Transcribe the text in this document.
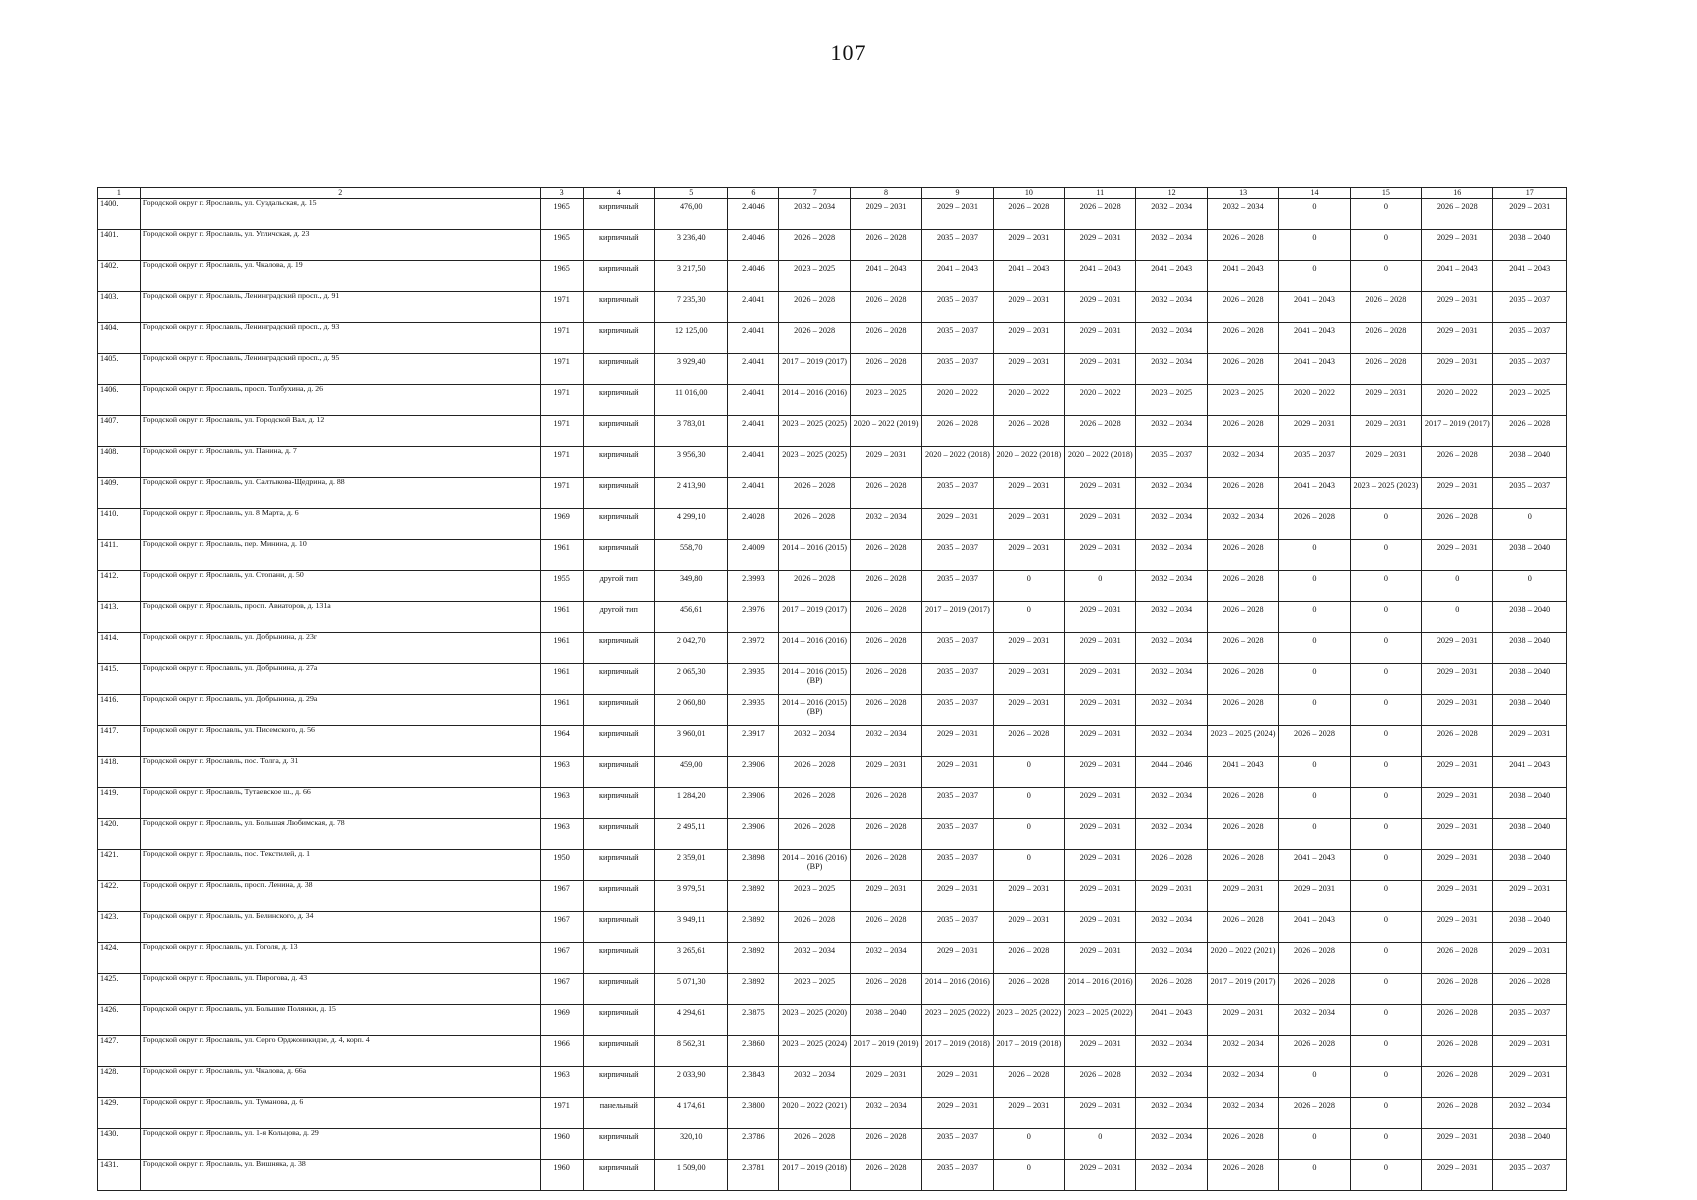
107
1	2	3	4	5	6	7	8	9	10	11	12	13	14	15	16	17
1400.	Городской округ г. Ярославль, ул. Суздальская, д. 15	1965	кирпичный	476,00	2.4046	2032 – 2034	2029 – 2031	2029 – 2031	2026 – 2028	2026 – 2028	2032 – 2034	2032 – 2034	0	0	2026 – 2028	2029 – 2031
1401.	Городской округ г. Ярославль, ул. Угличская, д. 23	1965	кирпичный	3 236,40	2.4046	2026 – 2028	2026 – 2028	2035 – 2037	2029 – 2031	2029 – 2031	2032 – 2034	2026 – 2028	0	0	2029 – 2031	2038 – 2040
1402.	Городской округ г. Ярославль, ул. Чкалова, д. 19	1965	кирпичный	3 217,50	2.4046	2023 – 2025	2041 – 2043	2041 – 2043	2041 – 2043	2041 – 2043	2041 – 2043	2041 – 2043	0	0	2041 – 2043	2041 – 2043
1403.	Городской округ г. Ярославль, Ленинградский просп., д. 91	1971	кирпичный	7 235,30	2.4041	2026 – 2028	2026 – 2028	2035 – 2037	2029 – 2031	2029 – 2031	2032 – 2034	2026 – 2028	2041 – 2043	2026 – 2028	2029 – 2031	2035 – 2037
1404.	Городской округ г. Ярославль, Ленинградский просп., д. 93	1971	кирпичный	12 125,00	2.4041	2026 – 2028	2026 – 2028	2035 – 2037	2029 – 2031	2029 – 2031	2032 – 2034	2026 – 2028	2041 – 2043	2026 – 2028	2029 – 2031	2035 – 2037
1405.	Городской округ г. Ярославль, Ленинградский просп., д. 95	1971	кирпичный	3 929,40	2.4041	2017 – 2019 (2017)	2026 – 2028	2035 – 2037	2029 – 2031	2029 – 2031	2032 – 2034	2026 – 2028	2041 – 2043	2026 – 2028	2029 – 2031	2035 – 2037
1406.	Городской округ г. Ярославль, просп. Толбухина, д. 26	1971	кирпичный	11 016,00	2.4041	2014 – 2016 (2016)	2023 – 2025	2020 – 2022	2020 – 2022	2020 – 2022	2023 – 2025	2023 – 2025	2020 – 2022	2029 – 2031	2020 – 2022	2023 – 2025
1407.	Городской округ г. Ярославль, ул. Городской Вал, д. 12	1971	кирпичный	3 783,01	2.4041	2023 – 2025 (2025)	2020 – 2022 (2019)	2026 – 2028	2026 – 2028	2026 – 2028	2032 – 2034	2026 – 2028	2029 – 2031	2029 – 2031	2017 – 2019 (2017)	2026 – 2028
1408.	Городской округ г. Ярославль, ул. Панина, д. 7	1971	кирпичный	3 956,30	2.4041	2023 – 2025 (2025)	2029 – 2031	2020 – 2022 (2018)	2020 – 2022 (2018)	2020 – 2022 (2018)	2035 – 2037	2032 – 2034	2035 – 2037	2029 – 2031	2026 – 2028	2038 – 2040
1409.	Городской округ г. Ярославль, ул. Салтыкова-Щедрина, д. 88	1971	кирпичный	2 413,90	2.4041	2026 – 2028	2026 – 2028	2035 – 2037	2029 – 2031	2029 – 2031	2032 – 2034	2026 – 2028	2041 – 2043	2023 – 2025 (2023)	2029 – 2031	2035 – 2037
1410.	Городской округ г. Ярославль, ул. 8 Марта, д. 6	1969	кирпичный	4 299,10	2.4028	2026 – 2028	2032 – 2034	2029 – 2031	2029 – 2031	2029 – 2031	2032 – 2034	2032 – 2034	2026 – 2028	0	2026 – 2028	0
1411.	Городской округ г. Ярославль, пер. Минина, д. 10	1961	кирпичный	558,70	2.4009	2014 – 2016 (2015)	2026 – 2028	2035 – 2037	2029 – 2031	2029 – 2031	2032 – 2034	2026 – 2028	0	0	2029 – 2031	2038 – 2040
1412.	Городской округ г. Ярославль, ул. Стопани, д. 50	1955	другой тип	349,80	2.3993	2026 – 2028	2026 – 2028	2035 – 2037	0	0	2032 – 2034	2026 – 2028	0	0	0	0
1413.	Городской округ г. Ярославль, просп. Авиаторов, д. 131а	1961	другой тип	456,61	2.3976	2017 – 2019 (2017)	2026 – 2028	2017 – 2019 (2017)	0	2029 – 2031	2032 – 2034	2026 – 2028	0	0	0	2038 – 2040
1414.	Городской округ г. Ярославль, ул. Добрынина, д. 23г	1961	кирпичный	2 042,70	2.3972	2014 – 2016 (2016)	2026 – 2028	2035 – 2037	2029 – 2031	2029 – 2031	2032 – 2034	2026 – 2028	0	0	2029 – 2031	2038 – 2040
1415.	Городской округ г. Ярославль, ул. Добрынина, д. 27а	1961	кирпичный	2 065,30	2.3935	2014 – 2016 (2015) (ВР)	2026 – 2028	2035 – 2037	2029 – 2031	2029 – 2031	2032 – 2034	2026 – 2028	0	0	2029 – 2031	2038 – 2040
1416.	Городской округ г. Ярославль, ул. Добрынина, д. 29а	1961	кирпичный	2 060,80	2.3935	2014 – 2016 (2015) (ВР)	2026 – 2028	2035 – 2037	2029 – 2031	2029 – 2031	2032 – 2034	2026 – 2028	0	0	2029 – 2031	2038 – 2040
1417.	Городской округ г. Ярославль, ул. Писемского, д. 56	1964	кирпичный	3 960,01	2.3917	2032 – 2034	2032 – 2034	2029 – 2031	2026 – 2028	2029 – 2031	2032 – 2034	2023 – 2025 (2024)	2026 – 2028	0	2026 – 2028	2029 – 2031
1418.	Городской округ г. Ярославль, пос. Толга, д. 31	1963	кирпичный	459,00	2.3906	2026 – 2028	2029 – 2031	2029 – 2031	0	2029 – 2031	2044 – 2046	2041 – 2043	0	0	2029 – 2031	2041 – 2043
1419.	Городской округ г. Ярославль, Тутаевское ш., д. 66	1963	кирпичный	1 284,20	2.3906	2026 – 2028	2026 – 2028	2035 – 2037	0	2029 – 2031	2032 – 2034	2026 – 2028	0	0	2029 – 2031	2038 – 2040
1420.	Городской округ г. Ярославль, ул. Большая Любимская, д. 78	1963	кирпичный	2 495,11	2.3906	2026 – 2028	2026 – 2028	2035 – 2037	0	2029 – 2031	2032 – 2034	2026 – 2028	0	0	2029 – 2031	2038 – 2040
1421.	Городской округ г. Ярославль, пос. Текстилей, д. 1	1950	кирпичный	2 359,01	2.3898	2014 – 2016 (2016) (ВР)	2026 – 2028	2035 – 2037	0	2029 – 2031	2026 – 2028	2026 – 2028	2041 – 2043	0	2029 – 2031	2038 – 2040
1422.	Городской округ г. Ярославль, просп. Ленина, д. 38	1967	кирпичный	3 979,51	2.3892	2023 – 2025	2029 – 2031	2029 – 2031	2029 – 2031	2029 – 2031	2029 – 2031	2029 – 2031	2029 – 2031	0	2029 – 2031	2029 – 2031
1423.	Городской округ г. Ярославль, ул. Белинского, д. 34	1967	кирпичный	3 949,11	2.3892	2026 – 2028	2026 – 2028	2035 – 2037	2029 – 2031	2029 – 2031	2032 – 2034	2026 – 2028	2041 – 2043	0	2029 – 2031	2038 – 2040
1424.	Городской округ г. Ярославль, ул. Гоголя, д. 13	1967	кирпичный	3 265,61	2.3892	2032 – 2034	2032 – 2034	2029 – 2031	2026 – 2028	2029 – 2031	2032 – 2034	2020 – 2022 (2021)	2026 – 2028	0	2026 – 2028	2029 – 2031
1425.	Городской округ г. Ярославль, ул. Пирогова, д. 43	1967	кирпичный	5 071,30	2.3892	2023 – 2025	2026 – 2028	2014 – 2016 (2016)	2026 – 2028	2014 – 2016 (2016)	2026 – 2028	2017 – 2019 (2017)	2026 – 2028	0	2026 – 2028	2026 – 2028
1426.	Городской округ г. Ярославль, ул. Большие Полянки, д. 15	1969	кирпичный	4 294,61	2.3875	2023 – 2025 (2020)	2038 – 2040	2023 – 2025 (2022)	2023 – 2025 (2022)	2023 – 2025 (2022)	2041 – 2043	2029 – 2031	2032 – 2034	0	2026 – 2028	2035 – 2037
1427.	Городской округ г. Ярославль, ул. Серго Орджоникидзе, д. 4, корп. 4	1966	кирпичный	8 562,31	2.3860	2023 – 2025 (2024)	2017 – 2019 (2019)	2017 – 2019 (2018)	2017 – 2019 (2018)	2029 – 2031	2032 – 2034	2032 – 2034	2026 – 2028	0	2026 – 2028	2029 – 2031
1428.	Городской округ г. Ярославль, ул. Чкалова, д. 66а	1963	кирпичный	2 033,90	2.3843	2032 – 2034	2029 – 2031	2029 – 2031	2026 – 2028	2026 – 2028	2032 – 2034	2032 – 2034	0	0	2026 – 2028	2029 – 2031
1429.	Городской округ г. Ярославль, ул. Туманова, д. 6	1971	панельный	4 174,61	2.3800	2020 – 2022 (2021)	2032 – 2034	2029 – 2031	2029 – 2031	2029 – 2031	2032 – 2034	2032 – 2034	2026 – 2028	0	2026 – 2028	2032 – 2034
1430.	Городской округ г. Ярославль, ул. 1-я Кольцова, д. 29	1960	кирпичный	320,10	2.3786	2026 – 2028	2026 – 2028	2035 – 2037	0	0	2032 – 2034	2026 – 2028	0	0	2029 – 2031	2038 – 2040
1431.	Городской округ г. Ярославль, ул. Вишняка, д. 38	1960	кирпичный	1 509,00	2.3781	2017 – 2019 (2018)	2026 – 2028	2035 – 2037	0	2029 – 2031	2032 – 2034	2026 – 2028	0	0	2029 – 2031	2035 – 2037
